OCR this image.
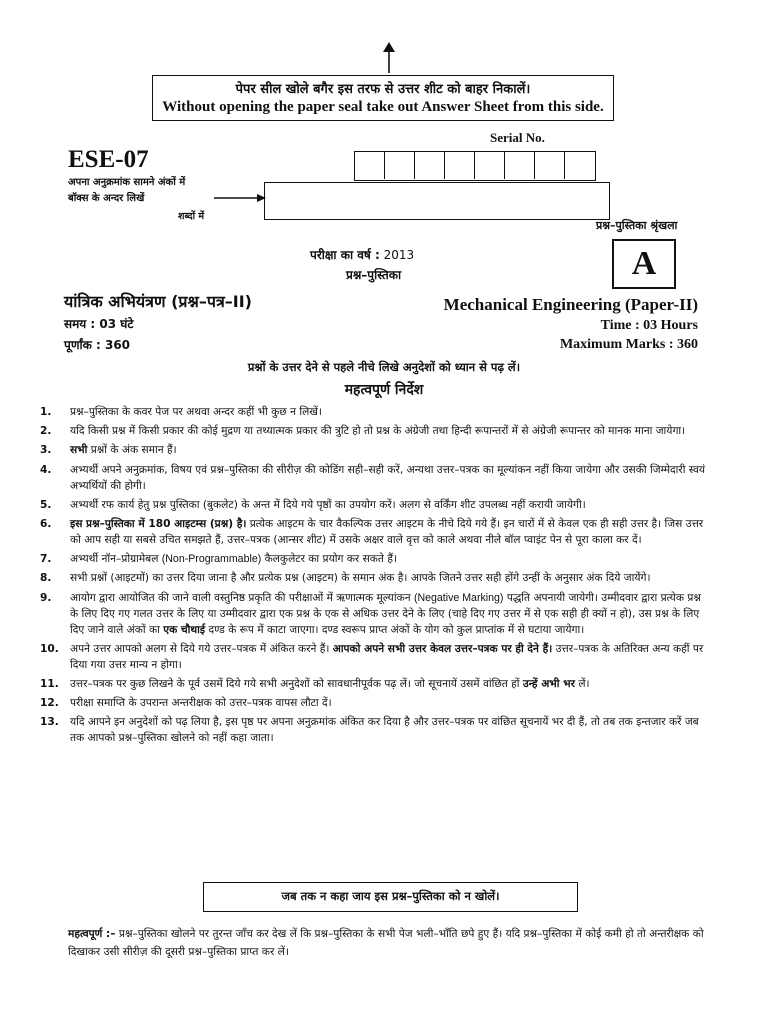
पेपर सील खोले बगैर इस तरफ से उत्तर शीट को बाहर निकालें।
Without opening the paper seal take out Answer Sheet from this side.
Serial No.
ESE-07
अपना अनुक्रमांक सामने अंकों में
बॉक्स के अन्दर लिखें
शब्दों में
प्रश्न–पुस्तिका श्रृंखला
A
परीक्षा का वर्ष : 2013
प्रश्न–पुस्तिका
यांत्रिक अभियंत्रण (प्रश्न–पत्र–II)
समय : 03 घंटे
पूर्णांक : 360
Mechanical Engineering (Paper-II)
Time : 03 Hours
Maximum Marks : 360
प्रश्नों के उत्तर देने से पहले नीचे लिखे अनुदेशों को ध्यान से पढ़ लें।
महत्वपूर्ण निर्देश
1.	प्रश्न–पुस्तिका के कवर पेज पर अथवा अन्दर कहीं भी कुछ न लिखें।
2.	यदि किसी प्रश्न में किसी प्रकार की कोई मुद्रण या तथ्यात्मक प्रकार की त्रुटि हो तो प्रश्न के अंग्रेजी तथा हिन्दी रूपान्तरों में से अंग्रेजी रूपान्तर को मानक माना जायेगा।
3.	सभी प्रश्नों के अंक समान हैं।
4.	अभ्यर्थी अपने अनुक्रमांक, विषय एवं प्रश्न–पुस्तिका की सीरीज़ की कोडिंग सही–सही करें, अन्यथा उत्तर–पत्रक का मूल्यांकन नहीं किया जायेगा और उसकी जिम्मेदारी स्वयं अभ्यर्थियों की होगी।
5.	अभ्यर्थी रफ कार्य हेतु प्रश्न पुस्तिका (बुकलेट) के अन्त में दिये गये पृष्ठों का उपयोग करें। अलग से वर्किंग शीट उपलब्ध नहीं करायी जायेगी।
6.	इस प्रश्न–पुस्तिका में 180 आइटम्स (प्रश्न) है। प्रत्येक आइटम के चार वैकल्पिक उत्तर आइटम के नीचे दिये गये हैं। इन चारों में से केवल एक ही सही उत्तर है। जिस उत्तर को आप सही या सबसे उचित समझते हैं, उत्तर–पत्रक (आन्सर शीट) में उसके अक्षर वाले वृत्त को काले अथवा नीले बॉल प्वाइंट पेन से पूरा काला कर दें।
7.	अभ्यर्थी नॉन–प्रोग्रामेबल (Non-Programmable) कैलकुलेटर का प्रयोग कर सकते हैं।
8.	सभी प्रश्नों (आइटमों) का उत्तर दिया जाना है और प्रत्येक प्रश्न (आइटम) के समान अंक है। आपके जितने उत्तर सही होंगे उन्हीं के अनुसार अंक दिये जायेंगे।
9.	आयोग द्वारा आयोजित की जाने वाली वस्तुनिष्ठ प्रकृति की परीक्षाओं में ऋणात्मक मूल्यांकन (Negative Marking) पद्धति अपनायी जायेगी। उम्मीदवार द्वारा प्रत्येक प्रश्न के लिए दिए गए गलत उत्तर के लिए या उम्मीदवार द्वारा एक प्रश्न के एक से अधिक उत्तर देने के लिए (चाहे दिए गए उत्तर में से एक सही ही क्यों न हो), उस प्रश्न के लिए दिए जाने वाले अंकों का एक चौथाई दण्ड के रूप में काटा जाएगा। दण्ड स्वरूप प्राप्त अंकों के योग को कुल प्राप्तांक में से घटाया जायेगा।
10.	अपने उत्तर आपको अलग से दिये गये उत्तर–पत्रक में अंकित करने हैं। आपको अपने सभी उत्तर केवल उत्तर–पत्रक पर ही देने हैं। उत्तर–पत्रक के अतिरिक्त अन्य कहीं पर दिया गया उत्तर मान्य न होगा।
11.	उत्तर–पत्रक पर कुछ लिखने के पूर्व उसमें दिये गये सभी अनुदेशों को सावधानीपूर्वक पढ़ लें। जो सूचनायें उसमें वांछित हों उन्हें अभी भर लें।
12.	परीक्षा समाप्ति के उपरान्त अन्तरीक्षक को उत्तर–पत्रक वापस लौटा दें।
13.	यदि आपने इन अनुदेशों को पढ़ लिया है, इस पृष्ठ पर अपना अनुक्रमांक अंकित कर दिया है और उत्तर–पत्रक पर वांछित सूचनायें भर दी हैं, तो तब तक इन्तजार करें जब तक आपको प्रश्न–पुस्तिका खोलने को नहीं कहा जाता।
जब तक न कहा जाय इस प्रश्न–पुस्तिका को न खोलें।
महत्वपूर्ण :– प्रश्न–पुस्तिका खोलने पर तुरन्त जाँच कर देख लें कि प्रश्न–पुस्तिका के सभी पेज भली–भाँति छपे हुए हैं। यदि प्रश्न–पुस्तिका में कोई कमी हो तो अन्तरीक्षक को दिखाकर उसी सीरीज़ की दूसरी प्रश्न–पुस्तिका प्राप्त कर लें।
